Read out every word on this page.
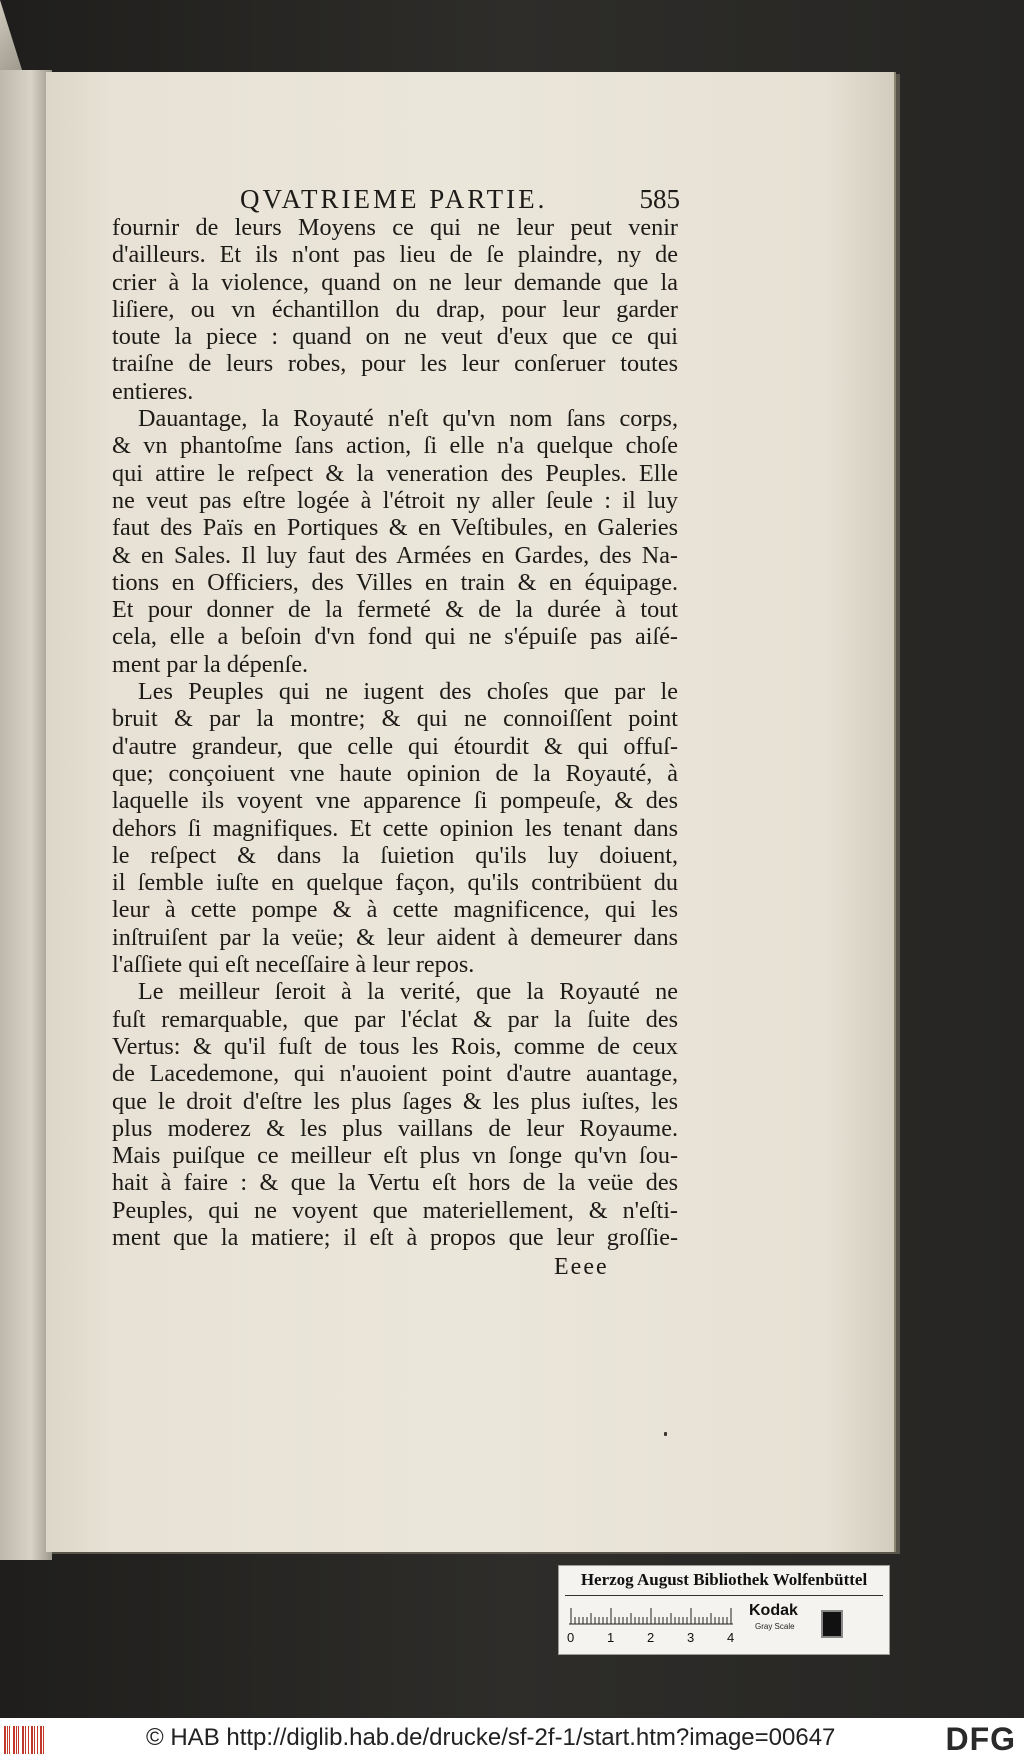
QVATRIEME PARTIE.	585
fournir de leurs Moyens ce qui ne leur peut venir
d'ailleurs. Et ils n'ont pas lieu de ſe plaindre, ny de
crier à la violence, quand on ne leur demande que la
liſiere, ou vn échantillon du drap, pour leur garder
toute la piece : quand on ne veut d'eux que ce qui
traiſne de leurs robes, pour les leur conſeruer toutes
entieres.
Dauantage, la Royauté n'eſt qu'vn nom ſans corps,
& vn phantoſme ſans action, ſi elle n'a quelque choſe
qui attire le reſpect & la veneration des Peuples. Elle
ne veut pas eſtre logée à l'étroit ny aller ſeule : il luy
faut des Païs en Portiques & en Veſtibules, en Galeries
& en Sales. Il luy faut des Armées en Gardes, des Na-
tions en Officiers, des Villes en train & en équipage.
Et pour donner de la fermeté & de la durée à tout
cela, elle a beſoin d'vn fond qui ne s'épuiſe pas aiſé-
ment par la dépenſe.
Les Peuples qui ne iugent des choſes que par le
bruit & par la montre; & qui ne connoiſſent point
d'autre grandeur, que celle qui étourdit & qui offuſ-
que; conçoiuent vne haute opinion de la Royauté, à
laquelle ils voyent vne apparence ſi pompeuſe, & des
dehors ſi magnifiques. Et cette opinion les tenant dans
le reſpect & dans la ſuietion qu'ils luy doiuent,
il ſemble iuſte en quelque façon, qu'ils contribüent du
leur à cette pompe & à cette magnificence, qui les
inſtruiſent par la veüe; & leur aident à demeurer dans
l'aſſiete qui eſt neceſſaire à leur repos.
Le meilleur ſeroit à la verité, que la Royauté ne
fuſt remarquable, que par l'éclat & par la ſuite des
Vertus: & qu'il fuſt de tous les Rois, comme de ceux
de Lacedemone, qui n'auoient point d'autre auantage,
que le droit d'eſtre les plus ſages & les plus iuſtes, les
plus moderez & les plus vaillans de leur Royaume.
Mais puiſque ce meilleur eſt plus vn ſonge qu'vn ſou-
hait à faire : & que la Vertu eſt hors de la veüe des
Peuples, qui ne voyent que materiellement, & n'eſti-
ment que la matiere; il eſt à propos que leur groſſie-
Eeee
Herzog August Bibliothek Wolfenbüttel
0	1	2	3	4
Kodak
Gray Scale
© HAB http://diglib.hab.de/drucke/sf-2f-1/start.htm?image=00647	DFG
